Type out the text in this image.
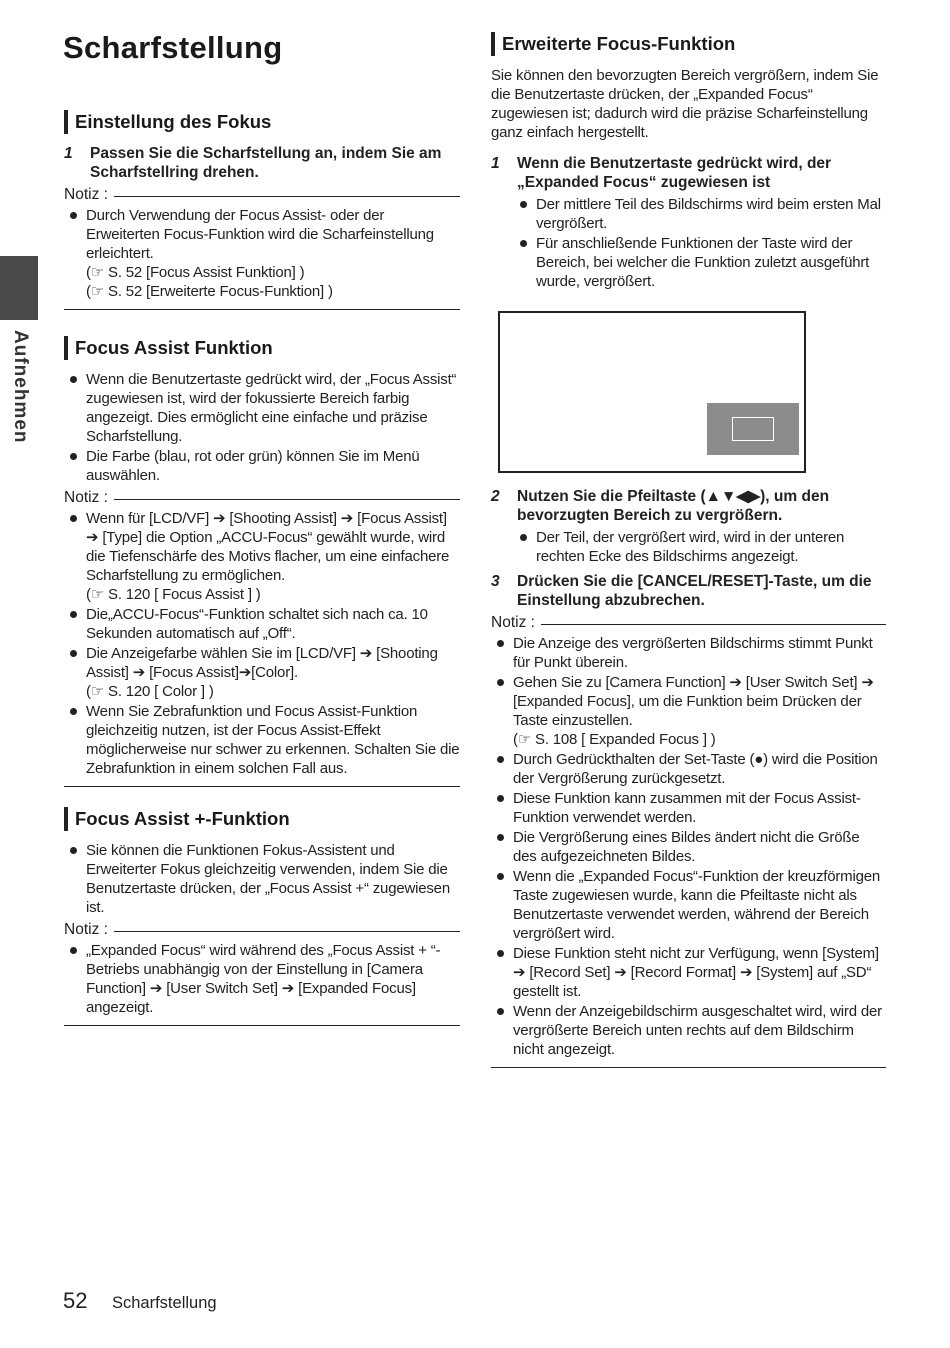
Aufnehmen
Scharfstellung
Einstellung des Fokus
1	Passen Sie die Scharfstellung an, indem Sie am Scharfstellring drehen.
Notiz :
Durch Verwendung der Focus Assist- oder der Erweiterten Focus-Funktion wird die Scharfeinstellung erleichtert.
(☞ S. 52 [Focus Assist Funktion] )
(☞ S. 52 [Erweiterte Focus-Funktion] )
Focus Assist Funktion
Wenn die Benutzertaste gedrückt wird, der „Focus Assist“ zugewiesen ist, wird der fokussierte Bereich farbig angezeigt. Dies ermöglicht eine einfache und präzise Scharfstellung.
Die Farbe (blau, rot oder grün) können Sie im Menü auswählen.
Notiz :
Wenn für [LCD/VF] ➔ [Shooting Assist] ➔ [Focus Assist] ➔ [Type] die Option „ACCU-Focus“ gewählt wurde, wird die Tiefenschärfe des Motivs flacher, um eine einfachere Scharfstellung zu ermöglichen.
(☞ S. 120 [ Focus Assist ] )
Die„ACCU-Focus“-Funktion schaltet sich nach ca. 10 Sekunden automatisch auf „Off“.
Die Anzeigefarbe wählen Sie im [LCD/VF] ➔ [Shooting Assist] ➔ [Focus Assist]➔[Color].
(☞ S. 120 [ Color ] )
Wenn Sie Zebrafunktion und Focus Assist-Funktion gleichzeitig nutzen, ist der Focus Assist-Effekt möglicherweise nur schwer zu erkennen. Schalten Sie die Zebrafunktion in einem solchen Fall aus.
Focus Assist +-Funktion
Sie können die Funktionen Fokus-Assistent und Erweiterter Fokus gleichzeitig verwenden, indem Sie die Benutzertaste drücken, der „Focus Assist +“ zugewiesen ist.
Notiz :
„Expanded Focus“ wird während des „Focus Assist + “-Betriebs unabhängig von der Einstellung in [Camera Function] ➔ [User Switch Set] ➔ [Expanded Focus] angezeigt.
Erweiterte Focus-Funktion

Sie können den bevorzugten Bereich vergrößern, indem Sie die Benutzertaste drücken, der „Expanded Focus“ zugewiesen ist; dadurch wird die präzise Scharfeinstellung ganz einfach hergestellt.

1	Wenn die Benutzertaste gedrückt wird, der „Expanded Focus“ zugewiesen ist
Der mittlere Teil des Bildschirms wird beim ersten Mal vergrößert.
Für anschließende Funktionen der Taste wird der Bereich, bei welcher die Funktion zuletzt ausgeführt wurde, vergrößert.
2	Nutzen Sie die Pfeiltaste (▲▼◀▶), um den bevorzugten Bereich zu vergrößern.
Der Teil, der vergrößert wird, wird in der unteren rechten Ecke des Bildschirms angezeigt.
3	Drücken Sie die [CANCEL/RESET]-Taste, um die Einstellung abzubrechen.
Notiz :
Die Anzeige des vergrößerten Bildschirms stimmt Punkt für Punkt überein.
Gehen Sie zu [Camera Function] ➔ [User Switch Set] ➔ [Expanded Focus], um die Funktion beim Drücken der Taste einzustellen.
(☞ S. 108 [ Expanded Focus ] )
Durch Gedrückthalten der Set-Taste (●) wird die Position der Vergrößerung zurückgesetzt.
Diese Funktion kann zusammen mit der Focus Assist-Funktion verwendet werden.
Die Vergrößerung eines Bildes ändert nicht die Größe des aufgezeichneten Bildes.
Wenn die „Expanded Focus“-Funktion der kreuzförmigen Taste zugewiesen wurde, kann die Pfeiltaste nicht als Benutzertaste verwendet werden, während der Bereich vergrößert wird.
Diese Funktion steht nicht zur Verfügung, wenn [System] ➔ [Record Set] ➔ [Record Format] ➔ [System] auf „SD“ gestellt ist.
Wenn der Anzeigebildschirm ausgeschaltet wird, wird der vergrößerte Bereich unten rechts auf dem Bildschirm nicht angezeigt.
52 Scharfstellung
